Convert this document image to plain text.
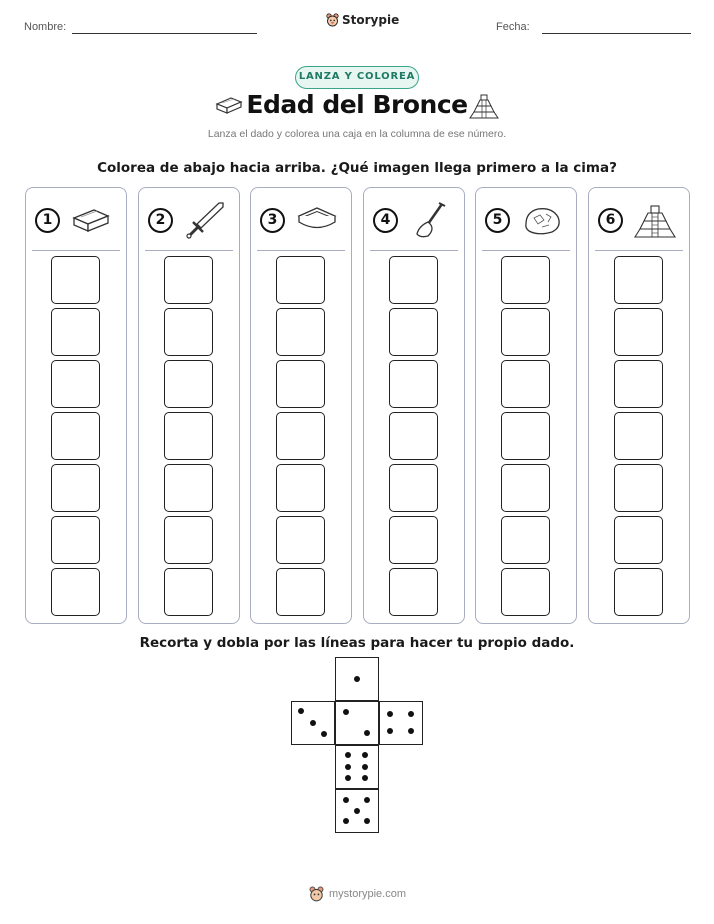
Nombre:	Storypie	Fecha:
LANZA Y COLOREA
Edad del Bronce
Lanza el dado y colorea una caja en la columna de ese número.
Colorea de abajo hacia arriba. ¿Qué imagen llega primero a la cima?
1	2	3	4	5	6
Recorta y dobla por las líneas para hacer tu propio dado.
mystorypie.com
